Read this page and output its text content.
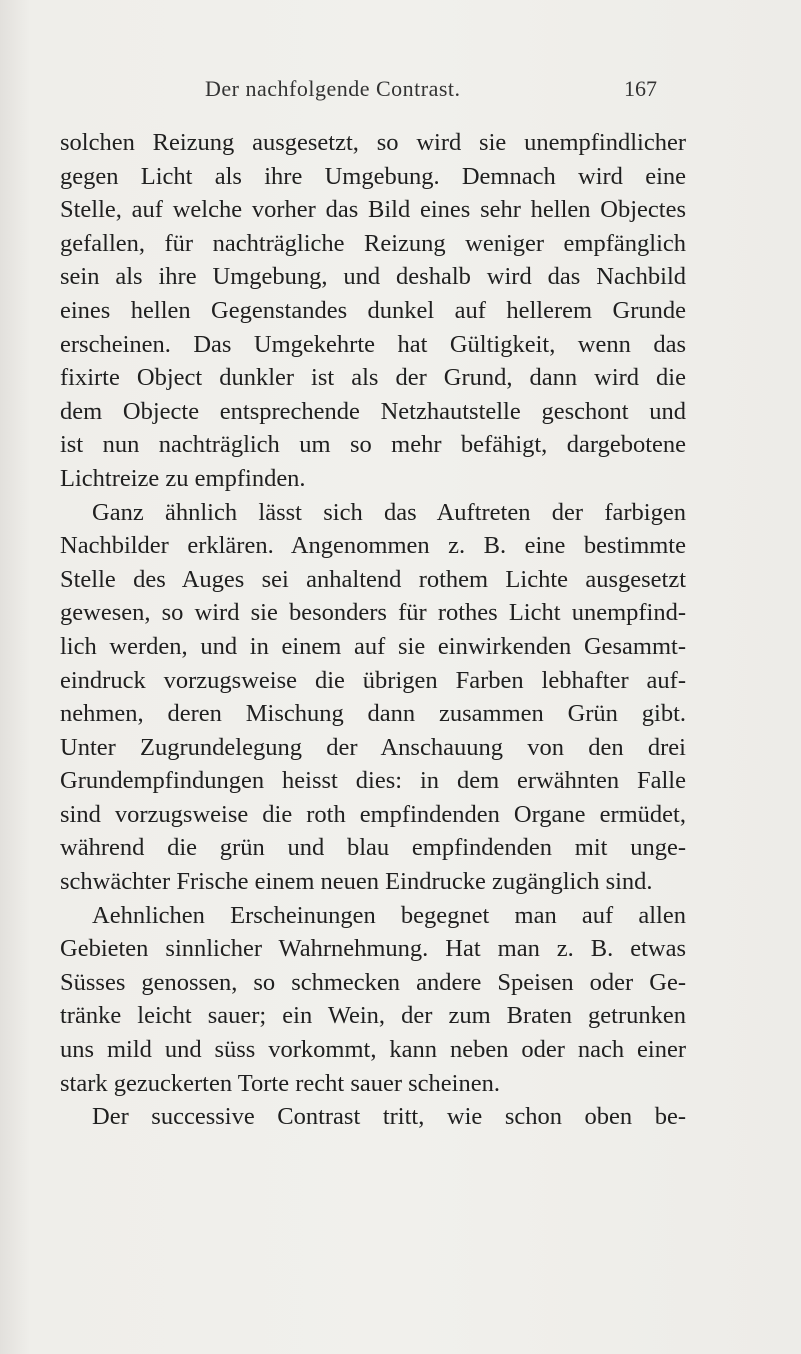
Der nachfolgende Contrast.	167
solchen Reizung ausgesetzt, so wird sie unempfindlicher
gegen Licht als ihre Umgebung. Demnach wird eine
Stelle, auf welche vorher das Bild eines sehr hellen Objectes
gefallen, für nachträgliche Reizung weniger empfänglich
sein als ihre Umgebung, und deshalb wird das Nachbild
eines hellen Gegenstandes dunkel auf hellerem Grunde
erscheinen. Das Umgekehrte hat Gültigkeit, wenn das
fixirte Object dunkler ist als der Grund, dann wird die
dem Objecte entsprechende Netzhautstelle geschont und
ist nun nachträglich um so mehr befähigt, dargebotene
Lichtreize zu empfinden.
Ganz ähnlich lässt sich das Auftreten der farbigen
Nachbilder erklären. Angenommen z. B. eine bestimmte
Stelle des Auges sei anhaltend rothem Lichte ausgesetzt
gewesen, so wird sie besonders für rothes Licht unempfind-
lich werden, und in einem auf sie einwirkenden Gesammt-
eindruck vorzugsweise die übrigen Farben lebhafter auf-
nehmen, deren Mischung dann zusammen Grün gibt.
Unter Zugrundelegung der Anschauung von den drei
Grundempfindungen heisst dies: in dem erwähnten Falle
sind vorzugsweise die roth empfindenden Organe ermüdet,
während die grün und blau empfindenden mit unge-
schwächter Frische einem neuen Eindrucke zugänglich sind.
Aehnlichen Erscheinungen begegnet man auf allen
Gebieten sinnlicher Wahrnehmung. Hat man z. B. etwas
Süsses genossen, so schmecken andere Speisen oder Ge-
tränke leicht sauer; ein Wein, der zum Braten getrunken
uns mild und süss vorkommt, kann neben oder nach einer
stark gezuckerten Torte recht sauer scheinen.
Der successive Contrast tritt, wie schon oben be-
